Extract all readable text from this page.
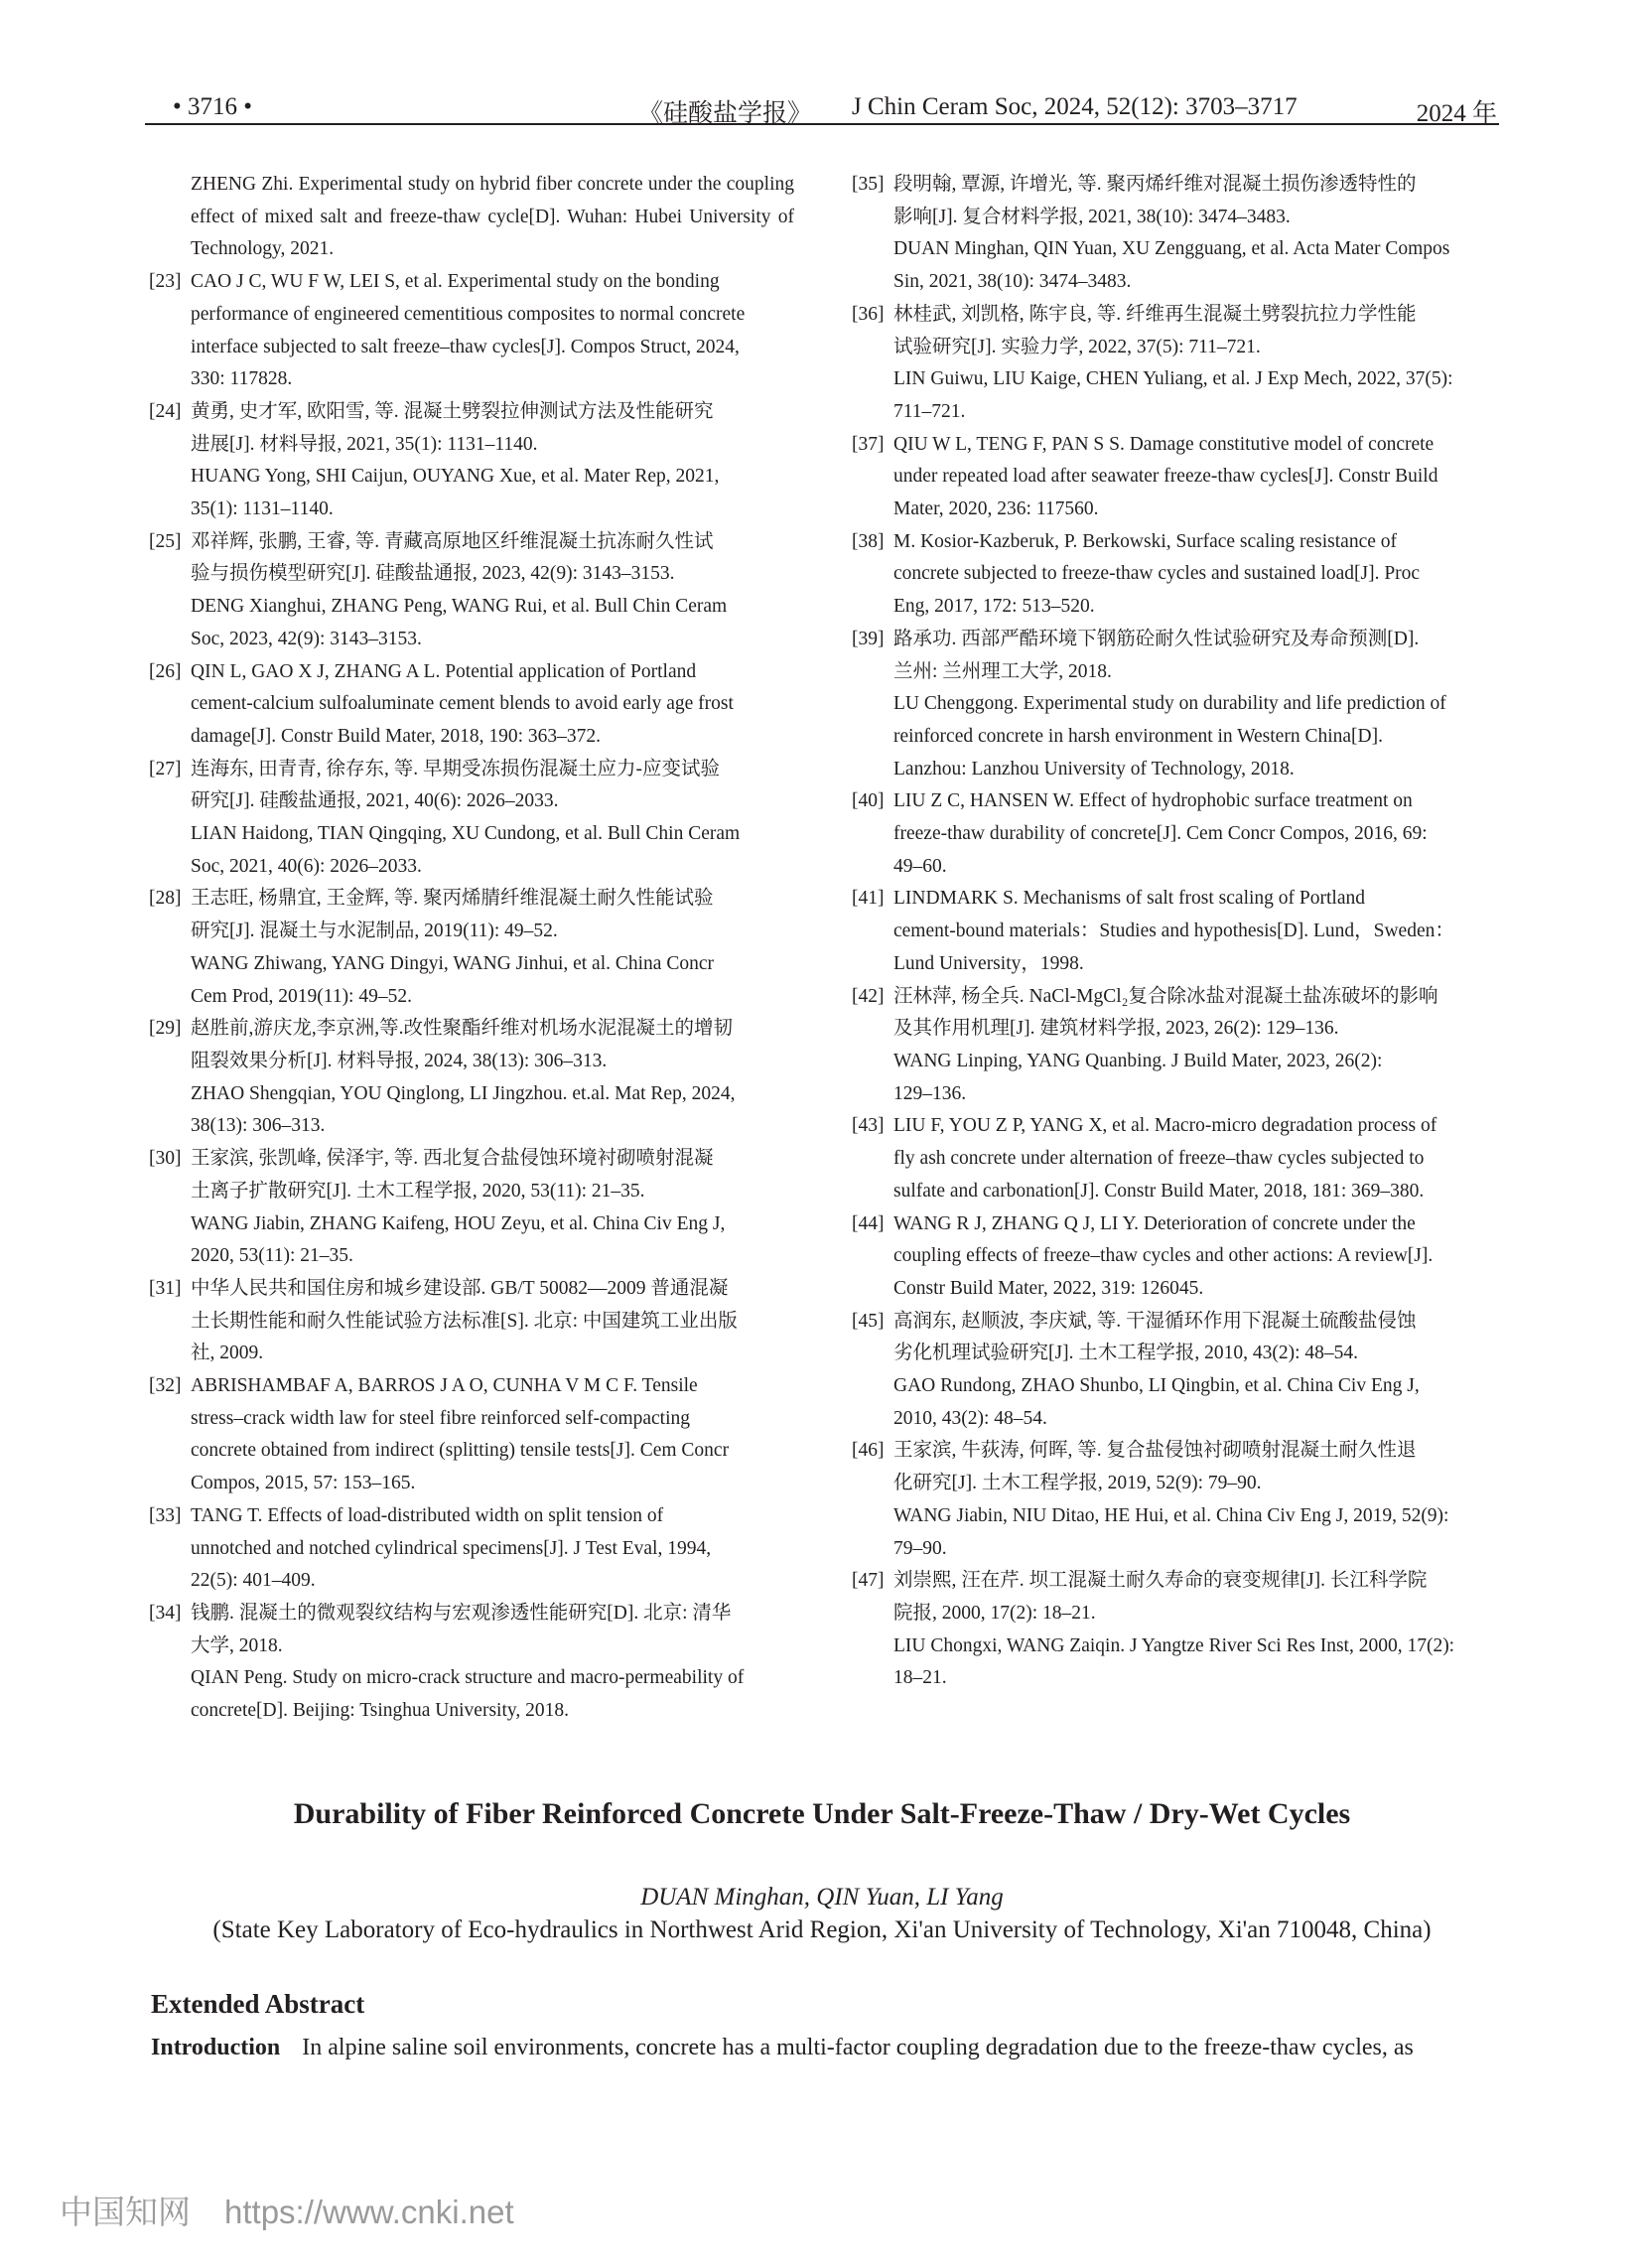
• 3716 •	《硅酸盐学报》 J Chin Ceram Soc, 2024, 52(12): 3703–3717	2024 年
ZHENG Zhi. Experimental study on hybrid fiber concrete under the coupling effect of mixed salt and freeze-thaw cycle[D]. Wuhan: Hubei University of Technology, 2021.
[23] CAO J C, WU F W, LEI S, et al. Experimental study on the bonding
performance of engineered cementitious composites to normal concrete
interface subjected to salt freeze–thaw cycles[J]. Compos Struct, 2024,
330: 117828.
[24] 黄勇, 史才军, 欧阳雪, 等. 混凝土劈裂拉伸测试方法及性能研究
进展[J]. 材料导报, 2021, 35(1): 1131–1140.
HUANG Yong, SHI Caijun, OUYANG Xue, et al. Mater Rep, 2021,
35(1): 1131–1140.
[25] 邓祥辉, 张鹏, 王睿, 等. 青藏高原地区纤维混凝土抗冻耐久性试
验与损伤模型研究[J]. 硅酸盐通报, 2023, 42(9): 3143–3153.
DENG Xianghui, ZHANG Peng, WANG Rui, et al. Bull Chin Ceram
Soc, 2023, 42(9): 3143–3153.
[26] QIN L, GAO X J, ZHANG A L. Potential application of Portland
cement-calcium sulfoaluminate cement blends to avoid early age frost
damage[J]. Constr Build Mater, 2018, 190: 363–372.
[27] 连海东, 田青青, 徐存东, 等. 早期受冻损伤混凝土应力-应变试验
研究[J]. 硅酸盐通报, 2021, 40(6): 2026–2033.
LIAN Haidong, TIAN Qingqing, XU Cundong, et al. Bull Chin Ceram
Soc, 2021, 40(6): 2026–2033.
[28] 王志旺, 杨鼎宜, 王金辉, 等. 聚丙烯腈纤维混凝土耐久性能试验
研究[J]. 混凝土与水泥制品, 2019(11): 49–52.
WANG Zhiwang, YANG Dingyi, WANG Jinhui, et al. China Concr
Cem Prod, 2019(11): 49–52.
[29] 赵胜前,游庆龙,李京洲,等.改性聚酯纤维对机场水泥混凝土的增韧
阻裂效果分析[J]. 材料导报, 2024, 38(13): 306–313.
ZHAO Shengqian, YOU Qinglong, LI Jingzhou. et.al. Mat Rep, 2024,
38(13): 306–313.
[30] 王家滨, 张凯峰, 侯泽宇, 等. 西北复合盐侵蚀环境衬砌喷射混凝
土离子扩散研究[J]. 土木工程学报, 2020, 53(11): 21–35.
WANG Jiabin, ZHANG Kaifeng, HOU Zeyu, et al. China Civ Eng J,
2020, 53(11): 21–35.
[31] 中华人民共和国住房和城乡建设部. GB/T 50082—2009 普通混凝
土长期性能和耐久性能试验方法标准[S]. 北京: 中国建筑工业出版
社, 2009.
[32] ABRISHAMBAF A, BARROS J A O, CUNHA V M C F. Tensile
stress–crack width law for steel fibre reinforced self-compacting
concrete obtained from indirect (splitting) tensile tests[J]. Cem Concr
Compos, 2015, 57: 153–165.
[33] TANG T. Effects of load-distributed width on split tension of
unnotched and notched cylindrical specimens[J]. J Test Eval, 1994,
22(5): 401–409.
[34] 钱鹏. 混凝土的微观裂纹结构与宏观渗透性能研究[D]. 北京: 清华
大学, 2018.
QIAN Peng. Study on micro-crack structure and macro-permeability of
concrete[D]. Beijing: Tsinghua University, 2018.
[35] 段明翰, 覃源, 许增光, 等. 聚丙烯纤维对混凝土损伤渗透特性的
影响[J]. 复合材料学报, 2021, 38(10): 3474–3483.
DUAN Minghan, QIN Yuan, XU Zengguang, et al. Acta Mater Compos
Sin, 2021, 38(10): 3474–3483.
[36] 林桂武, 刘凯格, 陈宇良, 等. 纤维再生混凝土劈裂抗拉力学性能
试验研究[J]. 实验力学, 2022, 37(5): 711–721.
LIN Guiwu, LIU Kaige, CHEN Yuliang, et al. J Exp Mech, 2022, 37(5):
711–721.
[37] QIU W L, TENG F, PAN S S. Damage constitutive model of concrete
under repeated load after seawater freeze-thaw cycles[J]. Constr Build
Mater, 2020, 236: 117560.
[38] M. Kosior-Kazberuk, P. Berkowski, Surface scaling resistance of
concrete subjected to freeze-thaw cycles and sustained load[J]. Proc
Eng, 2017, 172: 513–520.
[39] 路承功. 西部严酷环境下钢筋砼耐久性试验研究及寿命预测[D].
兰州: 兰州理工大学, 2018.
LU Chenggong. Experimental study on durability and life prediction of
reinforced concrete in harsh environment in Western China[D].
Lanzhou: Lanzhou University of Technology, 2018.
[40] LIU Z C, HANSEN W. Effect of hydrophobic surface treatment on
freeze-thaw durability of concrete[J]. Cem Concr Compos, 2016, 69:
49–60.
[41] LINDMARK S. Mechanisms of salt frost scaling of Portland
cement-bound materials：Studies and hypothesis[D]. Lund，Sweden：
Lund University，1998.
[42] 汪林萍, 杨全兵. NaCl-MgCl₂复合除冰盐对混凝土盐冻破坏的影响
及其作用机理[J]. 建筑材料学报, 2023, 26(2): 129–136.
WANG Linping, YANG Quanbing. J Build Mater, 2023, 26(2):
129–136.
[43] LIU F, YOU Z P, YANG X, et al. Macro-micro degradation process of
fly ash concrete under alternation of freeze–thaw cycles subjected to
sulfate and carbonation[J]. Constr Build Mater, 2018, 181: 369–380.
[44] WANG R J, ZHANG Q J, LI Y. Deterioration of concrete under the
coupling effects of freeze–thaw cycles and other actions: A review[J].
Constr Build Mater, 2022, 319: 126045.
[45] 高润东, 赵顺波, 李庆斌, 等. 干湿循环作用下混凝土硫酸盐侵蚀
劣化机理试验研究[J]. 土木工程学报, 2010, 43(2): 48–54.
GAO Rundong, ZHAO Shunbo, LI Qingbin, et al. China Civ Eng J,
2010, 43(2): 48–54.
[46] 王家滨, 牛荻涛, 何晖, 等. 复合盐侵蚀衬砌喷射混凝土耐久性退
化研究[J]. 土木工程学报, 2019, 52(9): 79–90.
WANG Jiabin, NIU Ditao, HE Hui, et al. China Civ Eng J, 2019, 52(9):
79–90.
[47] 刘崇熙, 汪在芹. 坝工混凝土耐久寿命的衰变规律[J]. 长江科学院
院报, 2000, 17(2): 18–21.
LIU Chongxi, WANG Zaiqin. J Yangtze River Sci Res Inst, 2000, 17(2):
18–21.
Durability of Fiber Reinforced Concrete Under Salt-Freeze-Thaw / Dry-Wet Cycles
DUAN Minghan, QIN Yuan, LI Yang
(State Key Laboratory of Eco-hydraulics in Northwest Arid Region, Xi'an University of Technology, Xi'an 710048, China)
Extended Abstract
Introduction In alpine saline soil environments, concrete has a multi-factor coupling degradation due to the freeze-thaw cycles, as
中国知网 https://www.cnki.net
